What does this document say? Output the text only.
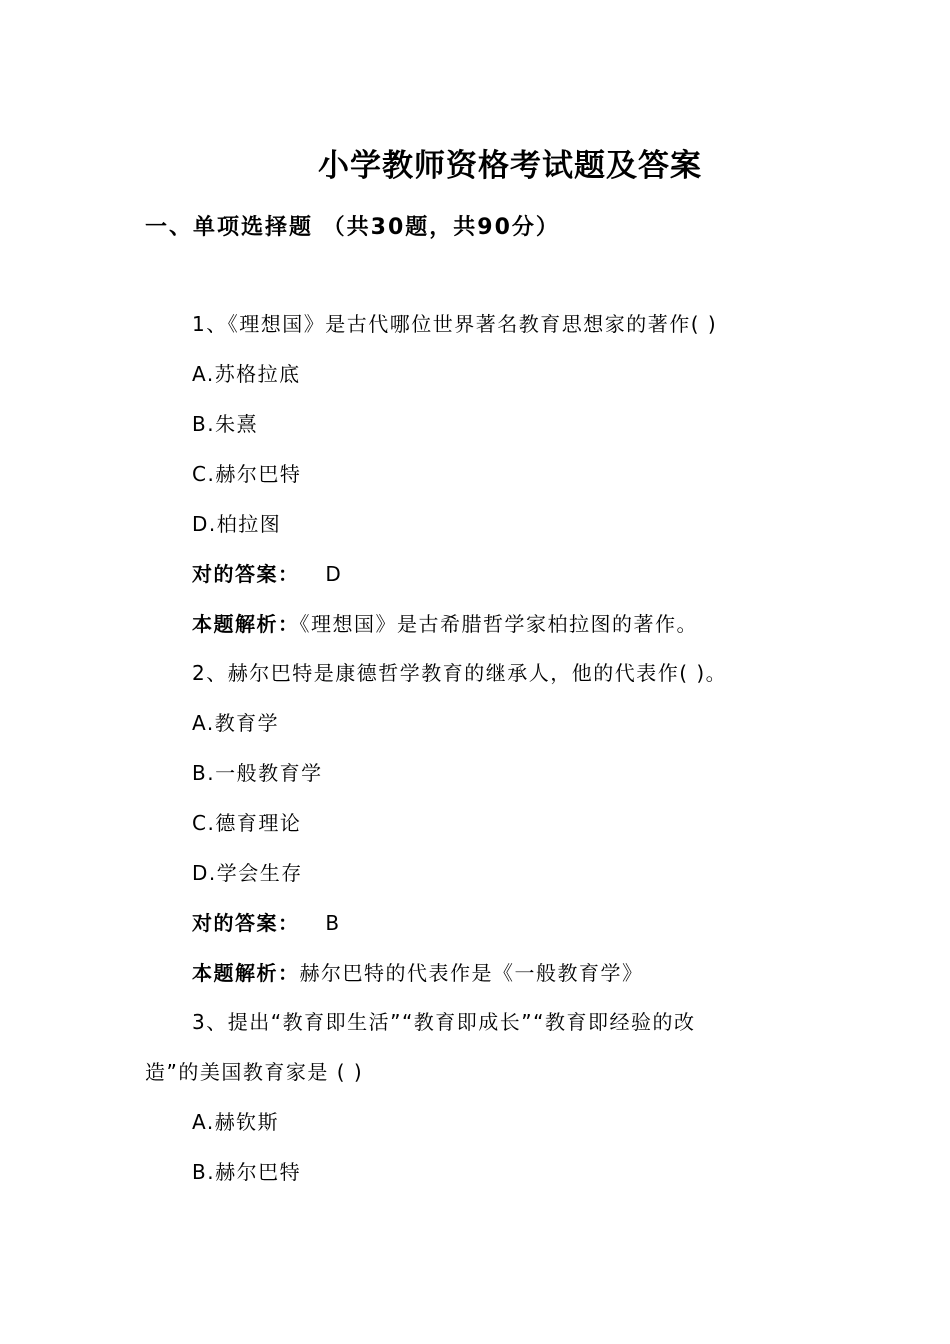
小学教师资格考试题及答案
一、单项选择题 （共30题，共90分）
1、《理想国》是古代哪位世界著名教育思想家的著作( )
A.苏格拉底
B.朱熹
C.赫尔巴特
D.柏拉图
对的答案： D
本题解析：《理想国》是古希腊哲学家柏拉图的著作。
2、赫尔巴特是康德哲学教育的继承人，他的代表作( )。
A.教育学
B.一般教育学
C.德育理论
D.学会生存
对的答案： B
本题解析：赫尔巴特的代表作是《一般教育学》
3、提出“教育即生活”“教育即成长”“教育即经验的改
造”的美国教育家是 ( )
A.赫钦斯
B.赫尔巴特
